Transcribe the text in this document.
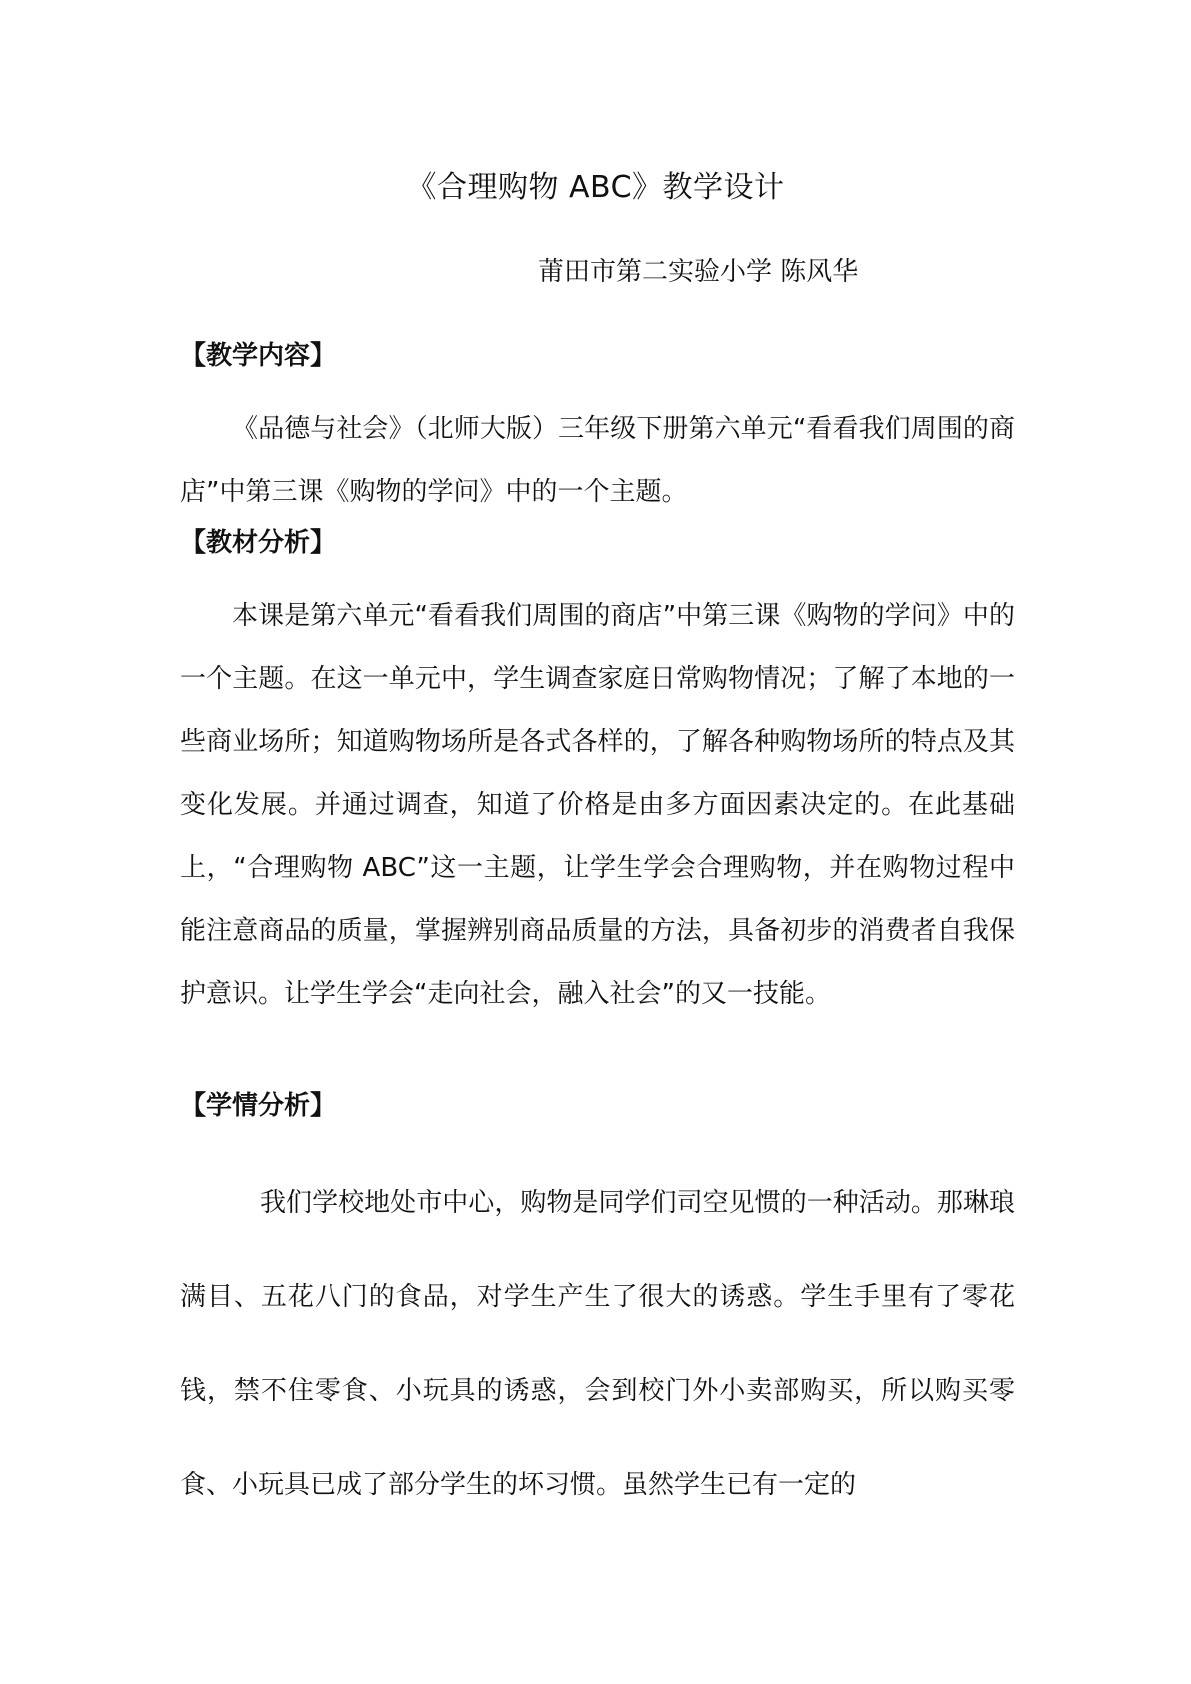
《合理购物 ABC》教学设计
莆田市第二实验小学 陈风华
【教学内容】

《品德与社会》（北师大版）三年级下册第六单元“看看我们周围的商店”中第三课《购物的学问》中的一个主题。

【教材分析】

本课是第六单元“看看我们周围的商店”中第三课《购物的学问》中的一个主题。在这一单元中，学生调查家庭日常购物情况；了解了本地的一些商业场所；知道购物场所是各式各样的，了解各种购物场所的特点及其变化发展。并通过调查，知道了价格是由多方面因素决定的。在此基础上，“合理购物 ABC”这一主题，让学生学会合理购物，并在购物过程中能注意商品的质量，掌握辨别商品质量的方法，具备初步的消费者自我保护意识。让学生学会“走向社会，融入社会”的又一技能。

【学情分析】

我们学校地处市中心，购物是同学们司空见惯的一种活动。那琳琅满目、五花八门的食品，对学生产生了很大的诱惑。学生手里有了零花钱，禁不住零食、小玩具的诱惑，会到校门外小卖部购买，所以购买零食、小玩具已成了部分学生的坏习惯。虽然学生已有一定的
